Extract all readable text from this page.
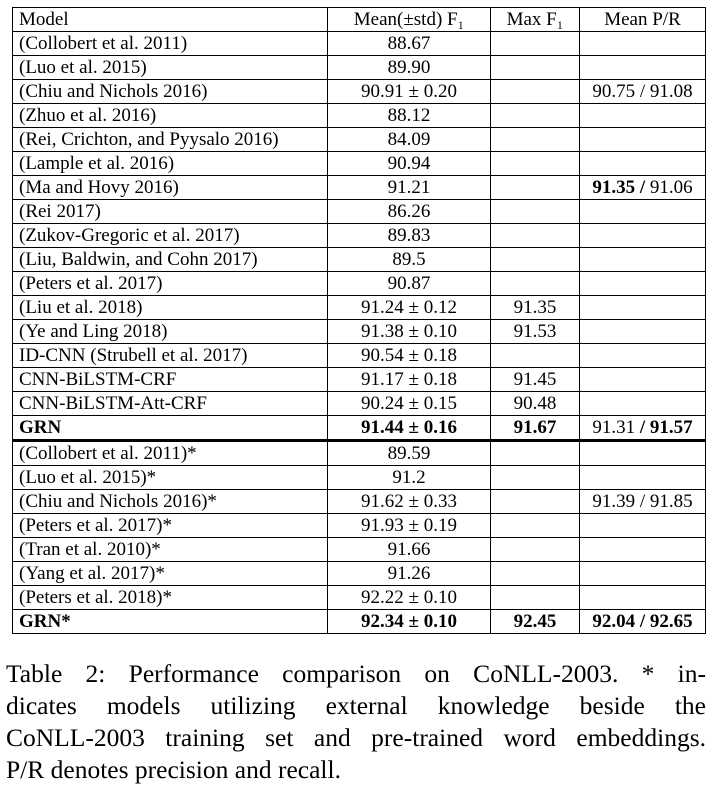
Model	Mean(±std) F₁	Max F₁	Mean P/R
(Collobert et al. 2011)	88.67		
(Luo et al. 2015)	89.90		
(Chiu and Nichols 2016)	90.91 ± 0.20		90.75 / 91.08
(Zhuo et al. 2016)	88.12		
(Rei, Crichton, and Pyysalo 2016)	84.09		
(Lample et al. 2016)	90.94		
(Ma and Hovy 2016)	91.21		91.35 / 91.06
(Rei 2017)	86.26		
(Zukov-Gregoric et al. 2017)	89.83		
(Liu, Baldwin, and Cohn 2017)	89.5		
(Peters et al. 2017)	90.87		
(Liu et al. 2018)	91.24 ± 0.12	91.35	
(Ye and Ling 2018)	91.38 ± 0.10	91.53	
ID-CNN (Strubell et al. 2017)	90.54 ± 0.18		
CNN-BiLSTM-CRF	91.17 ± 0.18	91.45	
CNN-BiLSTM-Att-CRF	90.24 ± 0.15	90.48	
GRN	91.44 ± 0.16	91.67	91.31 / 91.57
(Collobert et al. 2011)*	89.59		
(Luo et al. 2015)*	91.2		
(Chiu and Nichols 2016)*	91.62 ± 0.33		91.39 / 91.85
(Peters et al. 2017)*	91.93 ± 0.19		
(Tran et al. 2010)*	91.66		
(Yang et al. 2017)*	91.26		
(Peters et al. 2018)*	92.22 ± 0.10		
GRN*	92.34 ± 0.10	92.45	92.04 / 92.65
Table 2: Performance comparison on CoNLL-2003. * in-
dicates models utilizing external knowledge beside the
CoNLL-2003 training set and pre-trained word embeddings.
P/R denotes precision and recall.
